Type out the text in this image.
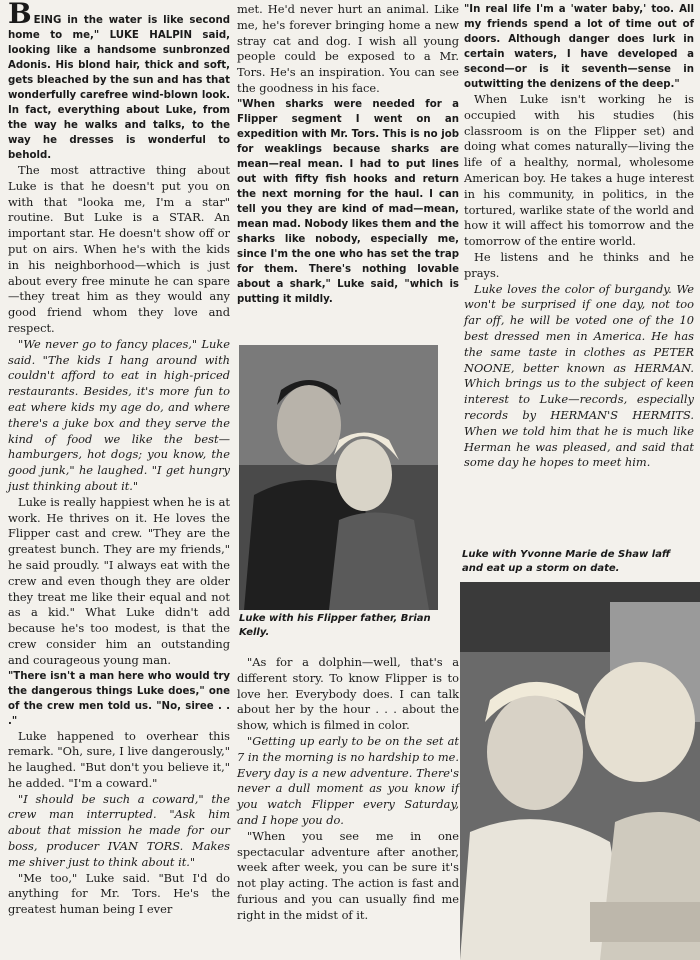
BEING in the water is like second home to me," LUKE HALPIN said, looking like a handsome sunbronzed Adonis. His blond hair, thick and soft, gets bleached by the sun and has that wonderfully carefree wind-blown look. In fact, everything about Luke, from the way he walks and talks, to the way he dresses is wonderful to behold.

The most attractive thing about Luke is that he doesn't put you on with that "looka me, I'm a star" routine. But Luke is a STAR. An important star. He doesn't show off or put on airs. When he's with the kids in his neighborhood—which is just about every free minute he can spare—they treat him as they would any good friend whom they love and respect.

"We never go to fancy places," Luke said. "The kids I hang around with couldn't afford to eat in high-priced restaurants. Besides, it's more fun to eat where kids my age do, and where there's a juke box and they serve the kind of food we like the best—hamburgers, hot dogs; you know, the good junk," he laughed. "I get hungry just thinking about it."

Luke is really happiest when he is at work. He thrives on it. He loves the Flipper cast and crew. "They are the greatest bunch. They are my friends," he said proudly. "I always eat with the crew and even though they are older they treat me like their equal and not as a kid." What Luke didn't add because he's too modest, is that the crew consider him an outstanding and courageous young man.

"There isn't a man here who would try the dangerous things Luke does," one of the crew men told us. "No, siree . . ."

Luke happened to overhear this remark. "Oh, sure, I live dangerously," he laughed. "But don't you believe it," he added. "I'm a coward."

"I should be such a coward," the crew man interrupted. "Ask him about that mission he made for our boss, producer IVAN TORS. Makes me shiver just to think about it."

"Me too," Luke said. "But I'd do anything for Mr. Tors. He's the greatest human being I ever

met. He'd never hurt an animal. Like me, he's forever bringing home a new stray cat and dog. I wish all young people could be exposed to a Mr. Tors. He's an inspiration. You can see the goodness in his face.

"When sharks were needed for a Flipper segment I went on an expedition with Mr. Tors. This is no job for weaklings because sharks are mean—real mean. I had to put lines out with fifty fish hooks and return the next morning for the haul. I can tell you they are kind of mad—mean, mean mad. Nobody likes them and the sharks like nobody, especially me, since I'm the one who has set the trap for them. There's nothing lovable about a shark," Luke said, "which is putting it mildly.

Luke with his Flipper father, Brian Kelly.

"As for a dolphin—well, that's a different story. To know Flipper is to love her. Everybody does. I can talk about her by the hour . . . about the show, which is filmed in color.

"Getting up early to be on the set at 7 in the morning is no hardship to me. Every day is a new adventure. There's never a dull moment as you know if you watch Flipper every Saturday, and I hope you do.

"When you see me in one spectacular adventure after another, week after week, you can be sure it's not play acting. The action is fast and furious and you can usually find me right in the midst of it.

"In real life I'm a 'water baby,' too. All my friends spend a lot of time out of doors. Although danger does lurk in certain waters, I have developed a second—or is it seventh—sense in outwitting the denizens of the deep."

When Luke isn't working he is occupied with his studies (his classroom is on the Flipper set) and doing what comes naturally—living the life of a healthy, normal, wholesome American boy. He takes a huge interest in his community, in politics, in the tortured, warlike state of the world and how it will affect his tomorrow and the tomorrow of the entire world.

He listens and he thinks and he prays.

Luke loves the color of burgandy. We won't be surprised if one day, not too far off, he will be voted one of the 10 best dressed men in America. He has the same taste in clothes as PETER NOONE, better known as HERMAN. Which brings us to the subject of keen interest to Luke—records, especially records by HERMAN'S HERMITS. When we told him that he is much like Herman he was pleased, and said that some day he hopes to meet him.

Luke with Yvonne Marie de Shaw laff and eat up a storm on date.
